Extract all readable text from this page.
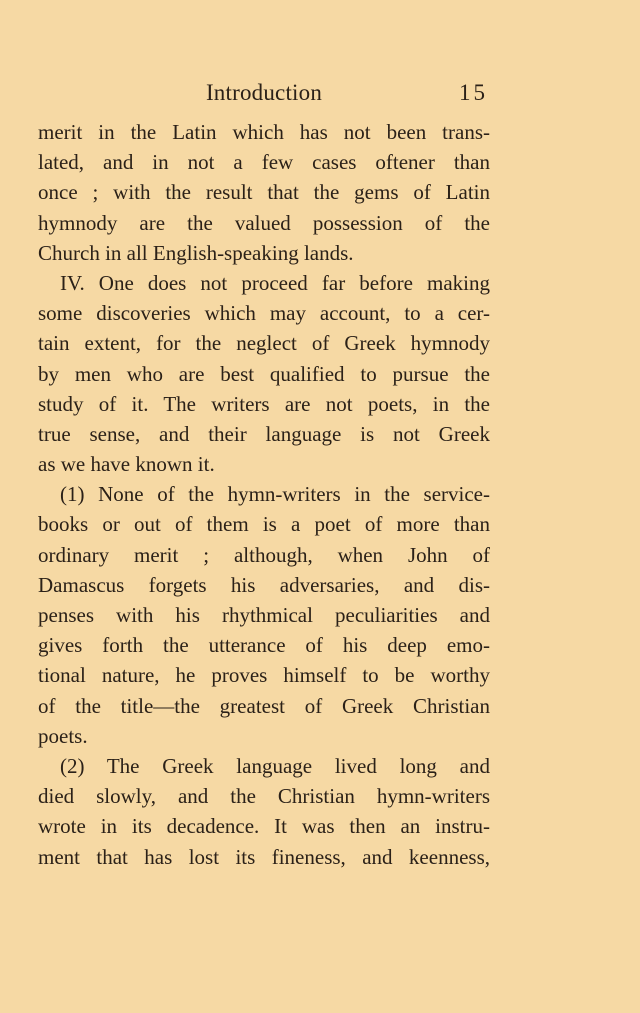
Introduction	15
merit in the Latin which has not been trans-
lated, and in not a few cases oftener than
once ; with the result that the gems of Latin
hymnody are the valued possession of the
Church in all English-speaking lands.
IV. One does not proceed far before making
some discoveries which may account, to a cer-
tain extent, for the neglect of Greek hymnody
by men who are best qualified to pursue the
study of it. The writers are not poets, in the
true sense, and their language is not Greek
as we have known it.
(1) None of the hymn-writers in the service-
books or out of them is a poet of more than
ordinary merit ; although, when John of
Damascus forgets his adversaries, and dis-
penses with his rhythmical peculiarities and
gives forth the utterance of his deep emo-
tional nature, he proves himself to be worthy
of the title—the greatest of Greek Christian
poets.
(2) The Greek language lived long and
died slowly, and the Christian hymn-writers
wrote in its decadence. It was then an instru-
ment that has lost its fineness, and keenness,
